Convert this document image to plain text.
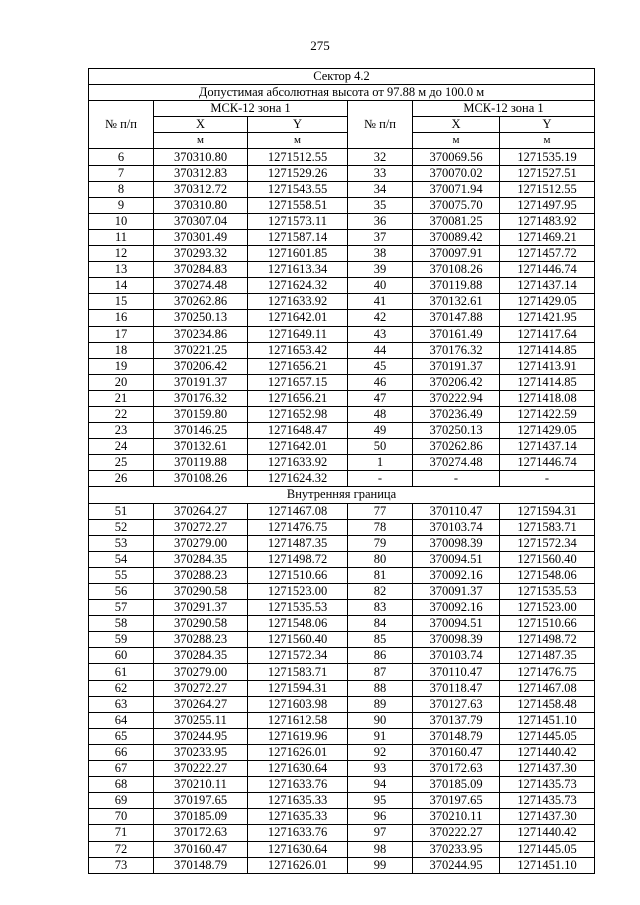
275
Сектор 4.2					
Допустимая абсолютная высота от 97.88 м до 100.0 м					
№ п/п	МСК-12 зона 1		№ п/п	МСК-12 зона 1	
	X	Y		X	Y
	м	м		м	м
6	370310.80	1271512.55	32	370069.56	1271535.19
7	370312.83	1271529.26	33	370070.02	1271527.51
8	370312.72	1271543.55	34	370071.94	1271512.55
9	370310.80	1271558.51	35	370075.70	1271497.95
10	370307.04	1271573.11	36	370081.25	1271483.92
11	370301.49	1271587.14	37	370089.42	1271469.21
12	370293.32	1271601.85	38	370097.91	1271457.72
13	370284.83	1271613.34	39	370108.26	1271446.74
14	370274.48	1271624.32	40	370119.88	1271437.14
15	370262.86	1271633.92	41	370132.61	1271429.05
16	370250.13	1271642.01	42	370147.88	1271421.95
17	370234.86	1271649.11	43	370161.49	1271417.64
18	370221.25	1271653.42	44	370176.32	1271414.85
19	370206.42	1271656.21	45	370191.37	1271413.91
20	370191.37	1271657.15	46	370206.42	1271414.85
21	370176.32	1271656.21	47	370222.94	1271418.08
22	370159.80	1271652.98	48	370236.49	1271422.59
23	370146.25	1271648.47	49	370250.13	1271429.05
24	370132.61	1271642.01	50	370262.86	1271437.14
25	370119.88	1271633.92	1	370274.48	1271446.74
26	370108.26	1271624.32	-	-	-
Внутренняя граница					
51	370264.27	1271467.08	77	370110.47	1271594.31
52	370272.27	1271476.75	78	370103.74	1271583.71
53	370279.00	1271487.35	79	370098.39	1271572.34
54	370284.35	1271498.72	80	370094.51	1271560.40
55	370288.23	1271510.66	81	370092.16	1271548.06
56	370290.58	1271523.00	82	370091.37	1271535.53
57	370291.37	1271535.53	83	370092.16	1271523.00
58	370290.58	1271548.06	84	370094.51	1271510.66
59	370288.23	1271560.40	85	370098.39	1271498.72
60	370284.35	1271572.34	86	370103.74	1271487.35
61	370279.00	1271583.71	87	370110.47	1271476.75
62	370272.27	1271594.31	88	370118.47	1271467.08
63	370264.27	1271603.98	89	370127.63	1271458.48
64	370255.11	1271612.58	90	370137.79	1271451.10
65	370244.95	1271619.96	91	370148.79	1271445.05
66	370233.95	1271626.01	92	370160.47	1271440.42
67	370222.27	1271630.64	93	370172.63	1271437.30
68	370210.11	1271633.76	94	370185.09	1271435.73
69	370197.65	1271635.33	95	370197.65	1271435.73
70	370185.09	1271635.33	96	370210.11	1271437.30
71	370172.63	1271633.76	97	370222.27	1271440.42
72	370160.47	1271630.64	98	370233.95	1271445.05
73	370148.79	1271626.01	99	370244.95	1271451.10
